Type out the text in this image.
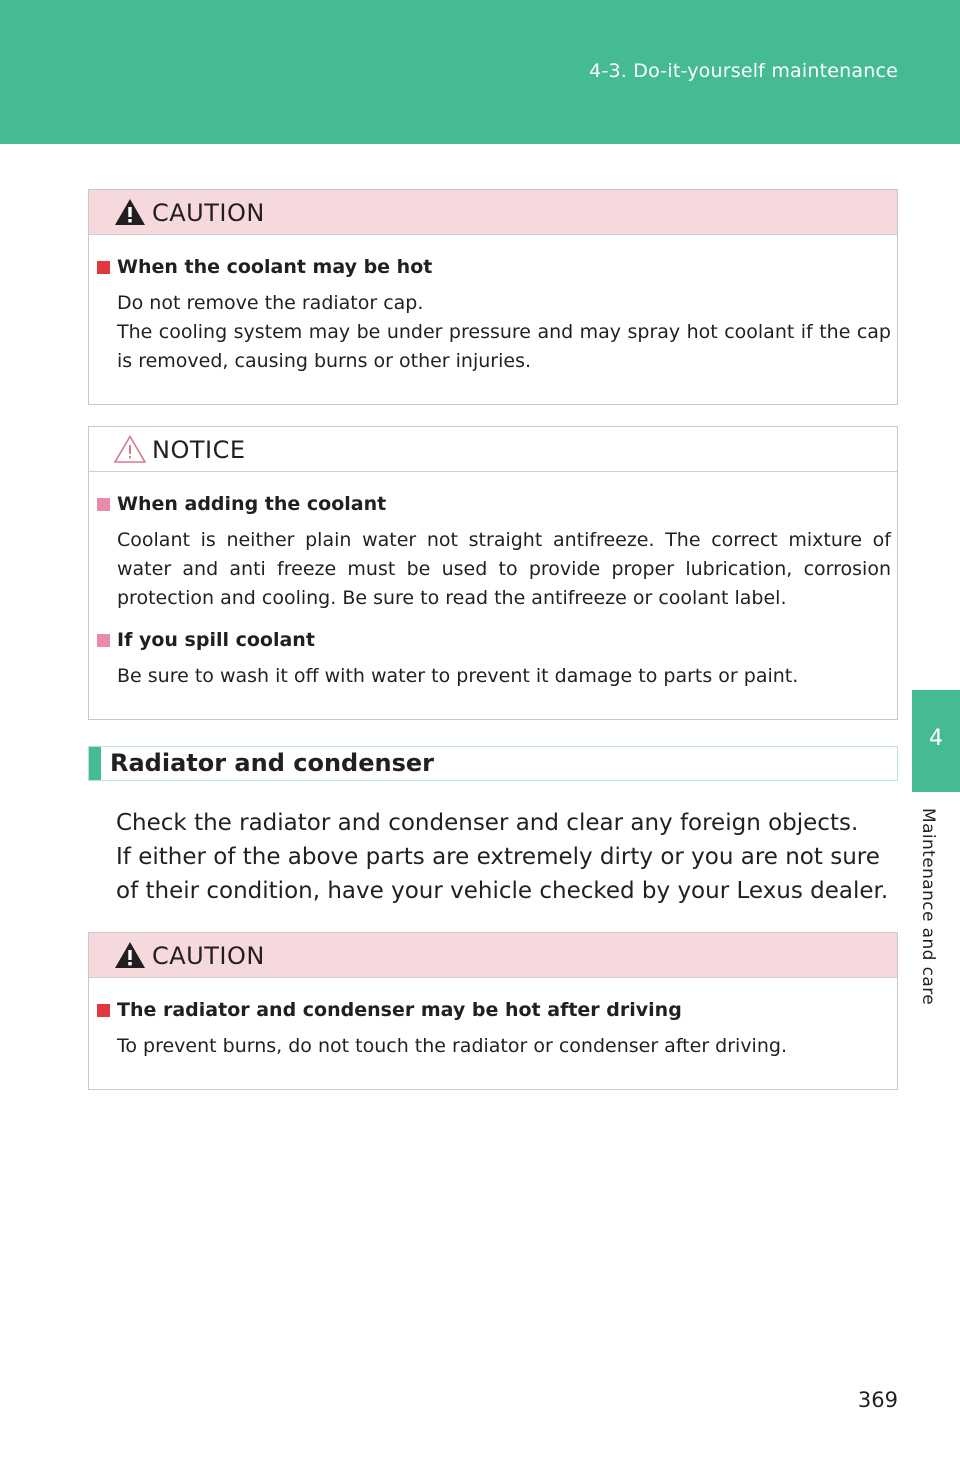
4-3. Do-it-yourself maintenance
4
Maintenance and care
CAUTION
When the coolant may be hot
Do not remove the radiator cap.
The cooling system may be under pressure and may spray hot coolant if the cap is removed, causing burns or other injuries.
NOTICE
When adding the coolant
Coolant is neither plain water not straight antifreeze. The correct mixture of water and anti freeze must be used to provide proper lubrication, corrosion protection and cooling. Be sure to read the antifreeze or coolant label.
If you spill coolant
Be sure to wash it off with water to prevent it damage to parts or paint.
Radiator and condenser
Check the radiator and condenser and clear any foreign objects.
If either of the above parts are extremely dirty or you are not sure of their condition, have your vehicle checked by your Lexus dealer.
CAUTION
The radiator and condenser may be hot after driving
To prevent burns, do not touch the radiator or condenser after driving.
369
